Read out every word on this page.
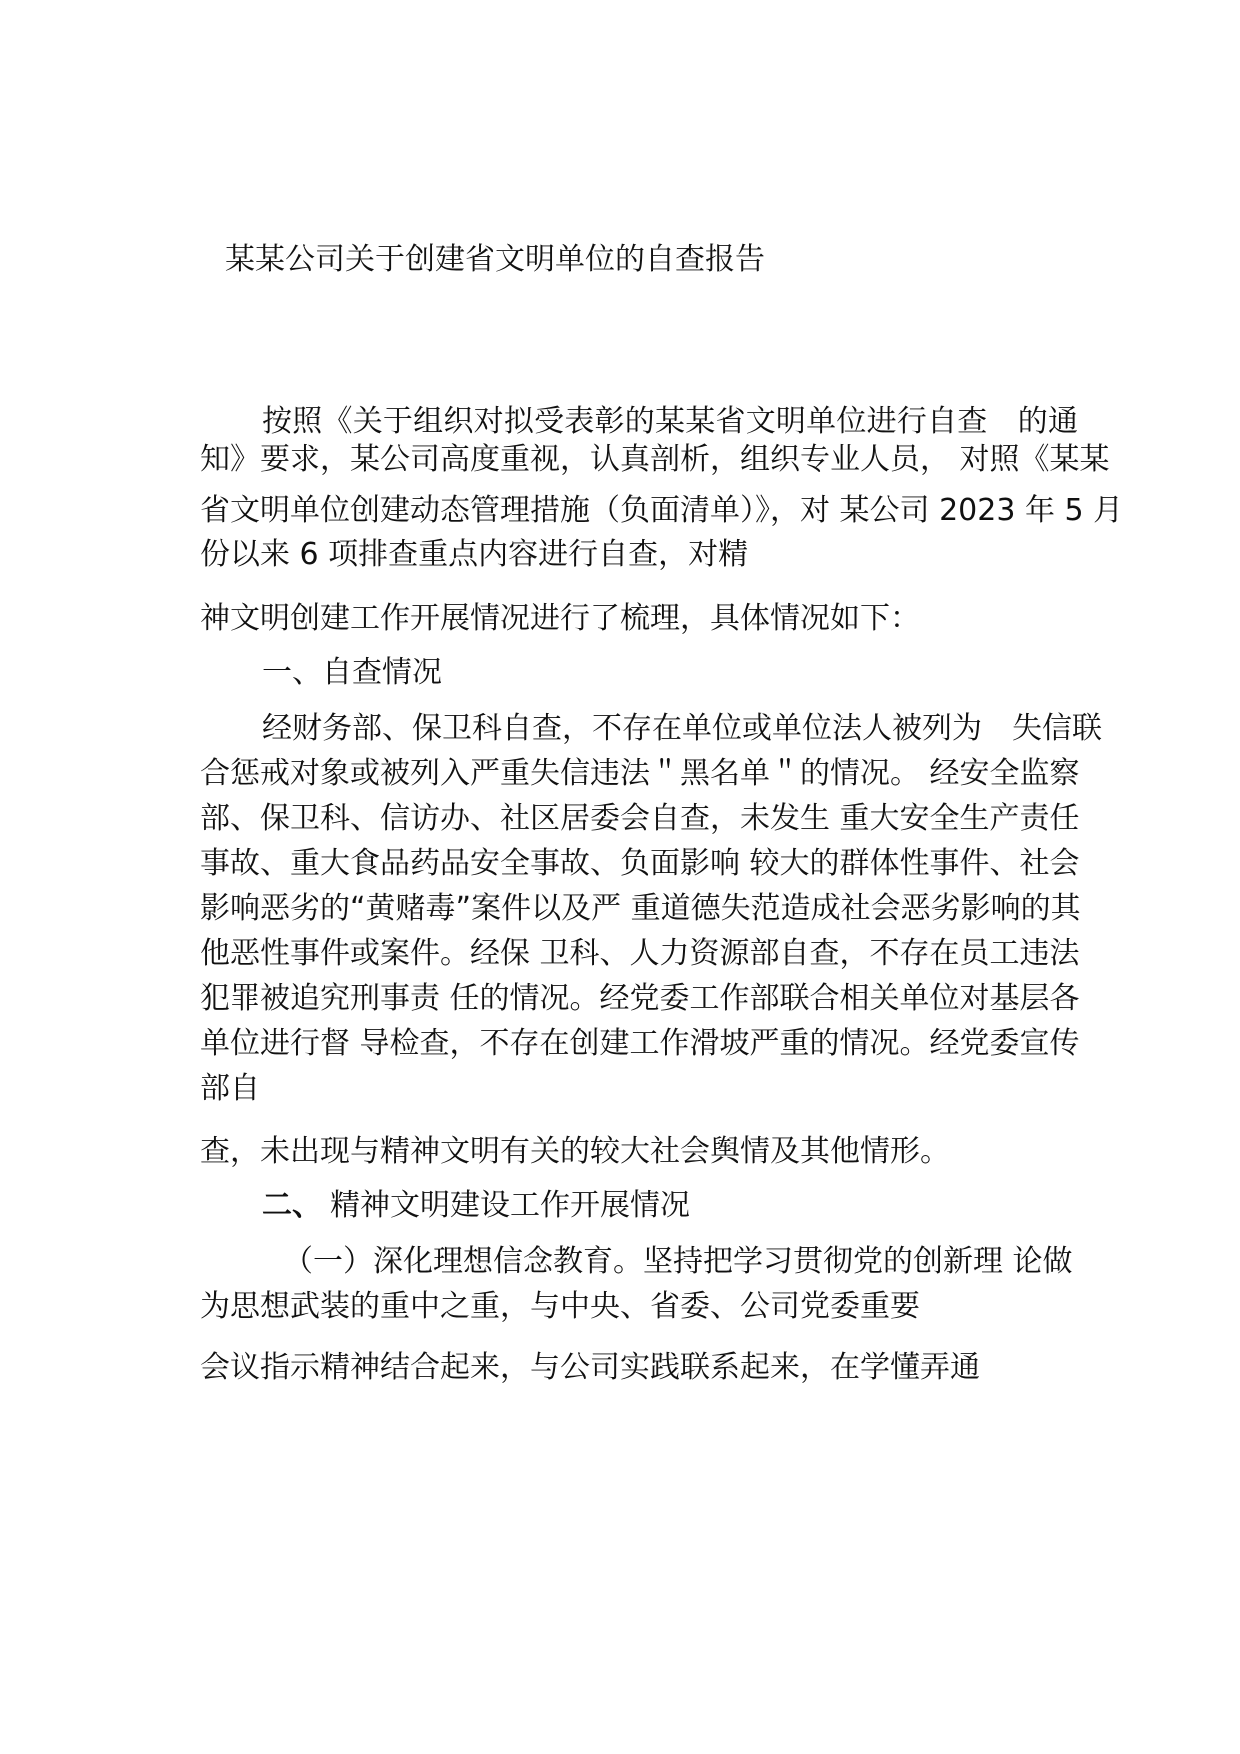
某某公司关于创建省文明单位的自查报告
按照《关于组织对拟受表彰的某某省文明单位进行自查　的通
知》要求，某公司高度重视，认真剖析，组织专业人员， 对照《某某
省文明单位创建动态管理措施（负面清单）》，对 某公司 2023 年 5 月
份以来 6 项排查重点内容进行自查，对精
神文明创建工作开展情况进行了梳理，具体情况如下：
一、自查情况
经财务部、保卫科自查，不存在单位或单位法人被列为　失信联
合惩戒对象或被列入严重失信违法＂黑名单＂的情况。 经安全监察
部、保卫科、信访办、社区居委会自查，未发生 重大安全生产责任
事故、重大食品药品安全事故、负面影响 较大的群体性事件、社会
影响恶劣的“黄赌毒”案件以及严 重道德失范造成社会恶劣影响的其
他恶性事件或案件。经保 卫科、人力资源部自查，不存在员工违法
犯罪被追究刑事责 任的情况。经党委工作部联合相关单位对基层各
单位进行督 导检查，不存在创建工作滑坡严重的情况。经党委宣传
部自
查，未出现与精神文明有关的较大社会舆情及其他情形。
二、 精神文明建设工作开展情况
（一）深化理想信念教育。坚持把学习贯彻党的创新理 论做
为思想武装的重中之重，与中央、省委、公司党委重要
会议指示精神结合起来，与公司实践联系起来，在学懂弄通
